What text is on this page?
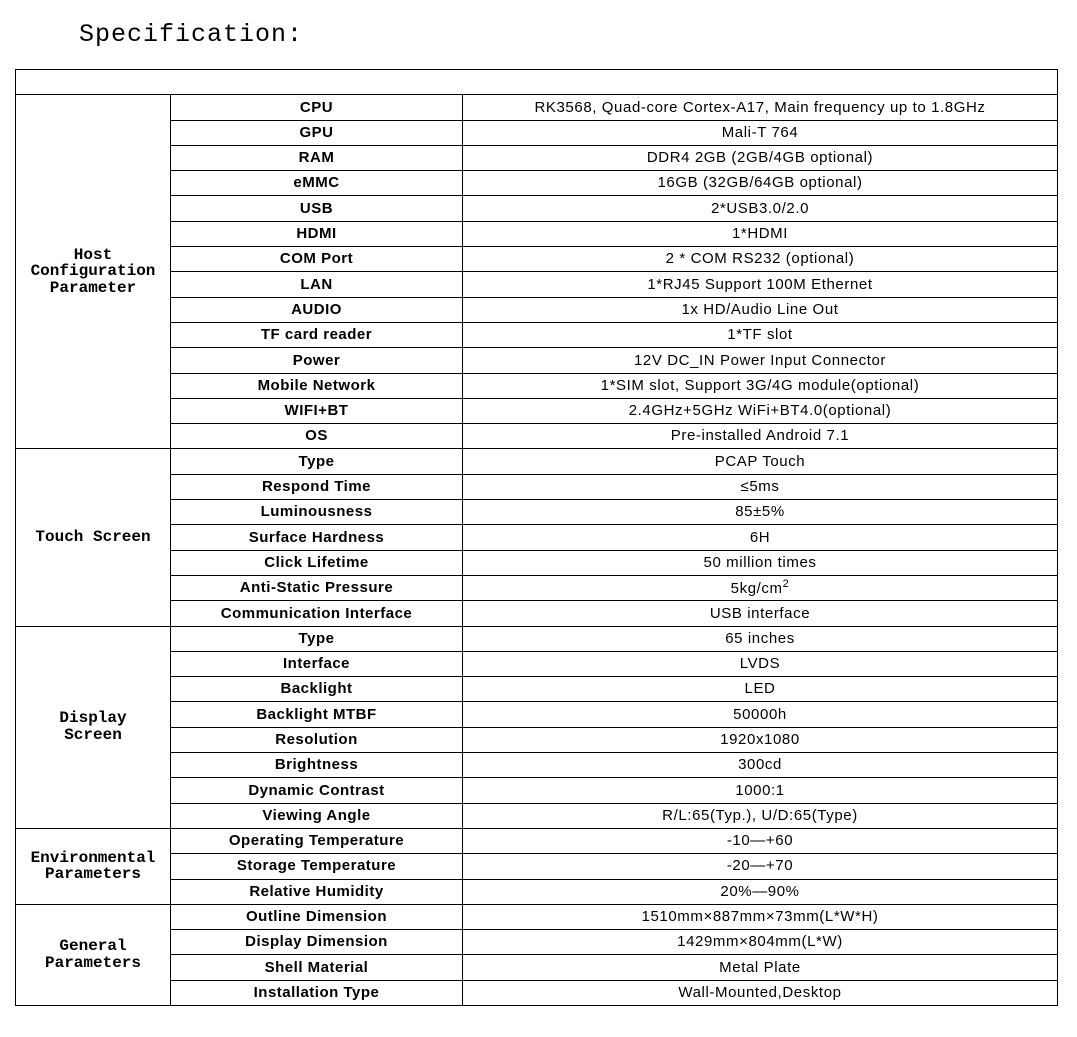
Specification:

Host
Configuration
Parameter	CPU	RK3568, Quad-core Cortex-A17, Main frequency up to 1.8GHz
	GPU	Mali-T 764
	RAM	DDR4 2GB (2GB/4GB optional)
	eMMC	16GB (32GB/64GB optional)
	USB	2*USB3.0/2.0
	HDMI	1*HDMI
	COM Port	2 * COM RS232 (optional)
	LAN	1*RJ45 Support 100M Ethernet
	AUDIO	1x HD/Audio Line Out
	TF card reader	1*TF slot
	Power	12V DC_IN Power Input Connector
	Mobile Network	1*SIM slot, Support 3G/4G module(optional)
	WIFI+BT	2.4GHz+5GHz WiFi+BT4.0(optional)
	OS	Pre-installed Android 7.1

Touch Screen	Type	PCAP Touch
	Respond Time	≤5ms
	Luminousness	85±5%
	Surface Hardness	6H
	Click Lifetime	50 million times
	Anti-Static Pressure	$5kg/cm^2$
	Communication Interface	USB interface

Display
Screen	Type	65 inches
	Interface	LVDS
	Backlight	LED
	Backlight MTBF	50000h
	Resolution	1920x1080
	Brightness	300cd
	Dynamic Contrast	1000:1
	Viewing Angle	R/L:65(Typ.), U/D:65(Type)

Environmental
Parameters	Operating Temperature	-10—+60
	Storage Temperature	-20—+70
	Relative Humidity	20%—90%

General
Parameters	Outline Dimension	1510mm×887mm×73mm(L*W*H)
	Display Dimension	1429mm×804mm(L*W)
	Shell Material	Metal Plate
	Installation Type	Wall-Mounted,Desktop
